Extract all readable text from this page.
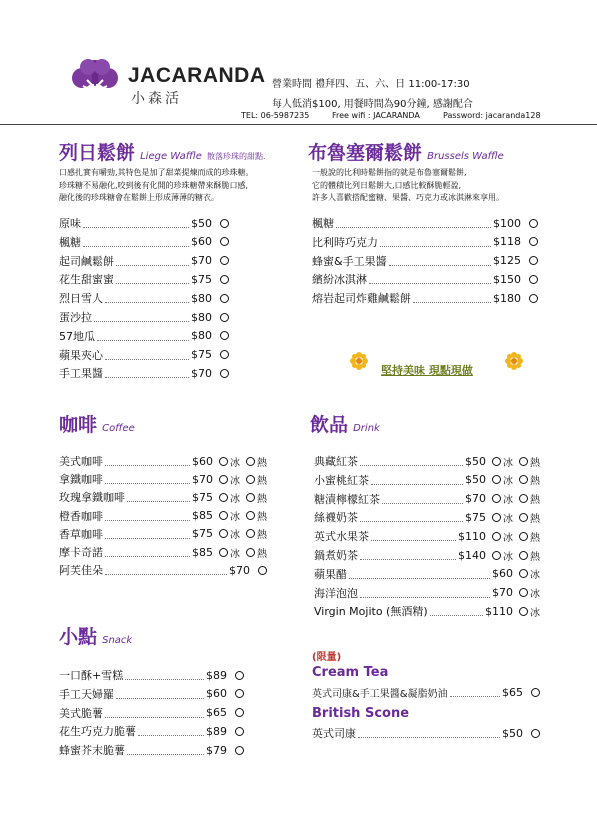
JACARANDA
小森活
營業時間 禮拜四、五、六、日 11:00-17:30
每人低消$100, 用餐時間為90分鐘, 感謝配合
TEL: 06-5987235	Free wifi : JACARANDA	Password: jacaranda128
列日鬆餅 Liege Waffle 散落珍珠的甜點.
口感扎實有嚼勁,其特色是加了甜菜提煉而成的珍珠糖。
珍珠糖不易融化,咬到後有化開的珍珠糖帶來酥脆口感,
融化後的珍珠糖會在鬆餅上形成薄薄的糖衣。
原味	$50
楓糖	$60
起司鹹鬆餅	$70
花生甜蜜蜜	$75
烈日雪人	$80
蛋沙拉	$80
57地瓜	$80
蘋果夾心	$75
手工果醬	$70
布魯塞爾鬆餅 Brussels Waffle
一般說的比利時鬆餅指的就是布魯塞爾鬆餅,
它的體積比列日鬆餅大,口感比較酥脆輕盈,
許多人喜歡搭配蜜糖、果醬、巧克力或冰淇淋來享用。
楓糖	$100
比利時巧克力	$118
蜂蜜&手工果醬	$125
繽紛冰淇淋	$150
熔岩起司炸雞鹹鬆餅	$180
堅持美味 現點現做
咖啡 Coffee
美式咖啡	$60 冰 熱
拿鐵咖啡	$70 冰 熱
玫瑰拿鐵咖啡	$75 冰 熱
橙香咖啡	$85 冰 熱
香草咖啡	$75 冰 熱
摩卡奇諾	$85 冰 熱
阿芙佳朵	$70
飲品 Drink
典藏紅茶	$50 冰 熱
小蜜桃紅茶	$50 冰 熱
糖漬檸檬紅茶	$70 冰 熱
絲襪奶茶	$75 冰 熱
英式水果茶	$110 冰 熱
鍋煮奶茶	$140 冰 熱
蘋果醋	$60 冰
海洋泡泡	$70 冰
Virgin Mojito (無酒精)	$110 冰
小點 Snack
一口酥+雪糕	$89
手工天婦羅	$60
美式脆薯	$65
花生巧克力脆薯	$89
蜂蜜芥末脆薯	$79
(限量)
Cream Tea
英式司康&手工果醬&凝脂奶油	$65
British Scone
英式司康	$50
